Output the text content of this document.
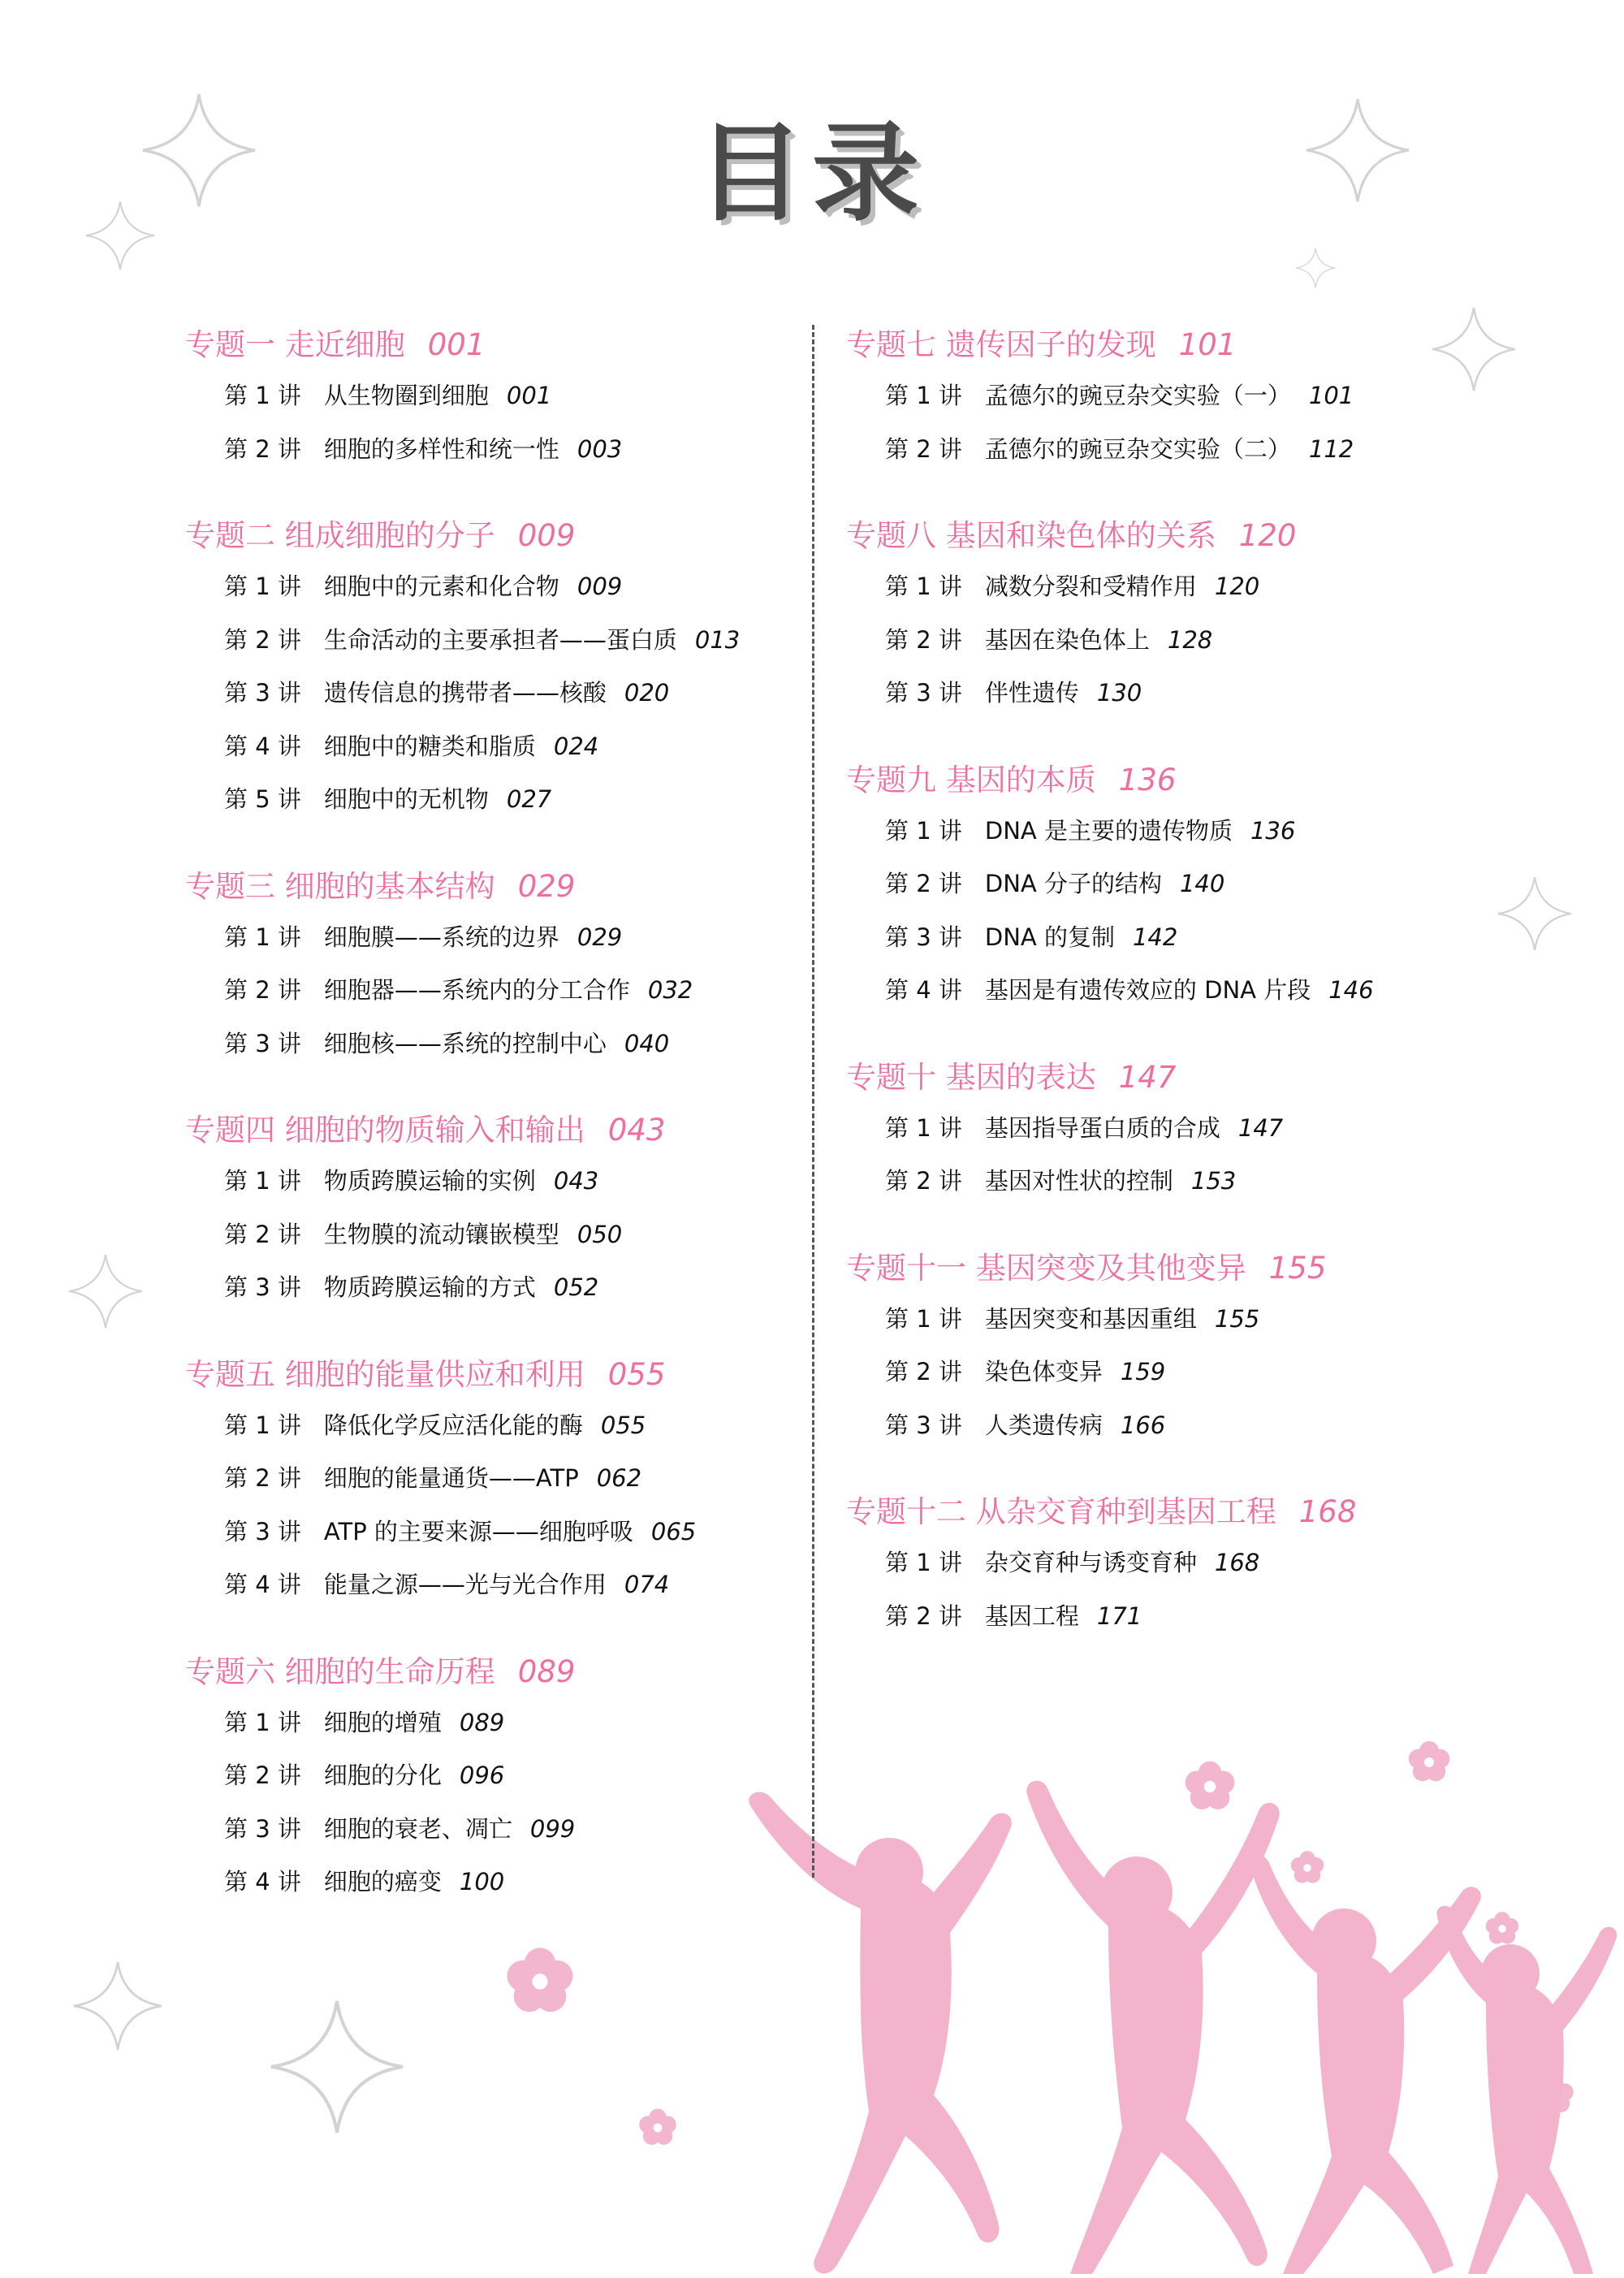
目录
专题一 走近细胞 001
第 1 讲 从生物圈到细胞 001
第 2 讲 细胞的多样性和统一性 003
专题二 组成细胞的分子 009
第 1 讲 细胞中的元素和化合物 009
第 2 讲 生命活动的主要承担者——蛋白质 013
第 3 讲 遗传信息的携带者——核酸 020
第 4 讲 细胞中的糖类和脂质 024
第 5 讲 细胞中的无机物 027
专题三 细胞的基本结构 029
第 1 讲 细胞膜——系统的边界 029
第 2 讲 细胞器——系统内的分工合作 032
第 3 讲 细胞核——系统的控制中心 040
专题四 细胞的物质输入和输出 043
第 1 讲 物质跨膜运输的实例 043
第 2 讲 生物膜的流动镶嵌模型 050
第 3 讲 物质跨膜运输的方式 052
专题五 细胞的能量供应和利用 055
第 1 讲 降低化学反应活化能的酶 055
第 2 讲 细胞的能量通货——ATP 062
第 3 讲 ATP 的主要来源——细胞呼吸 065
第 4 讲 能量之源——光与光合作用 074
专题六 细胞的生命历程 089
第 1 讲 细胞的增殖 089
第 2 讲 细胞的分化 096
第 3 讲 细胞的衰老、凋亡 099
第 4 讲 细胞的癌变 100
专题七 遗传因子的发现 101
第 1 讲 孟德尔的豌豆杂交实验（一） 101
第 2 讲 孟德尔的豌豆杂交实验（二） 112
专题八 基因和染色体的关系 120
第 1 讲 减数分裂和受精作用 120
第 2 讲 基因在染色体上 128
第 3 讲 伴性遗传 130
专题九 基因的本质 136
第 1 讲 DNA 是主要的遗传物质 136
第 2 讲 DNA 分子的结构 140
第 3 讲 DNA 的复制 142
第 4 讲 基因是有遗传效应的 DNA 片段 146
专题十 基因的表达 147
第 1 讲 基因指导蛋白质的合成 147
第 2 讲 基因对性状的控制 153
专题十一 基因突变及其他变异 155
第 1 讲 基因突变和基因重组 155
第 2 讲 染色体变异 159
第 3 讲 人类遗传病 166
专题十二 从杂交育种到基因工程 168
第 1 讲 杂交育种与诱变育种 168
第 2 讲 基因工程 171
